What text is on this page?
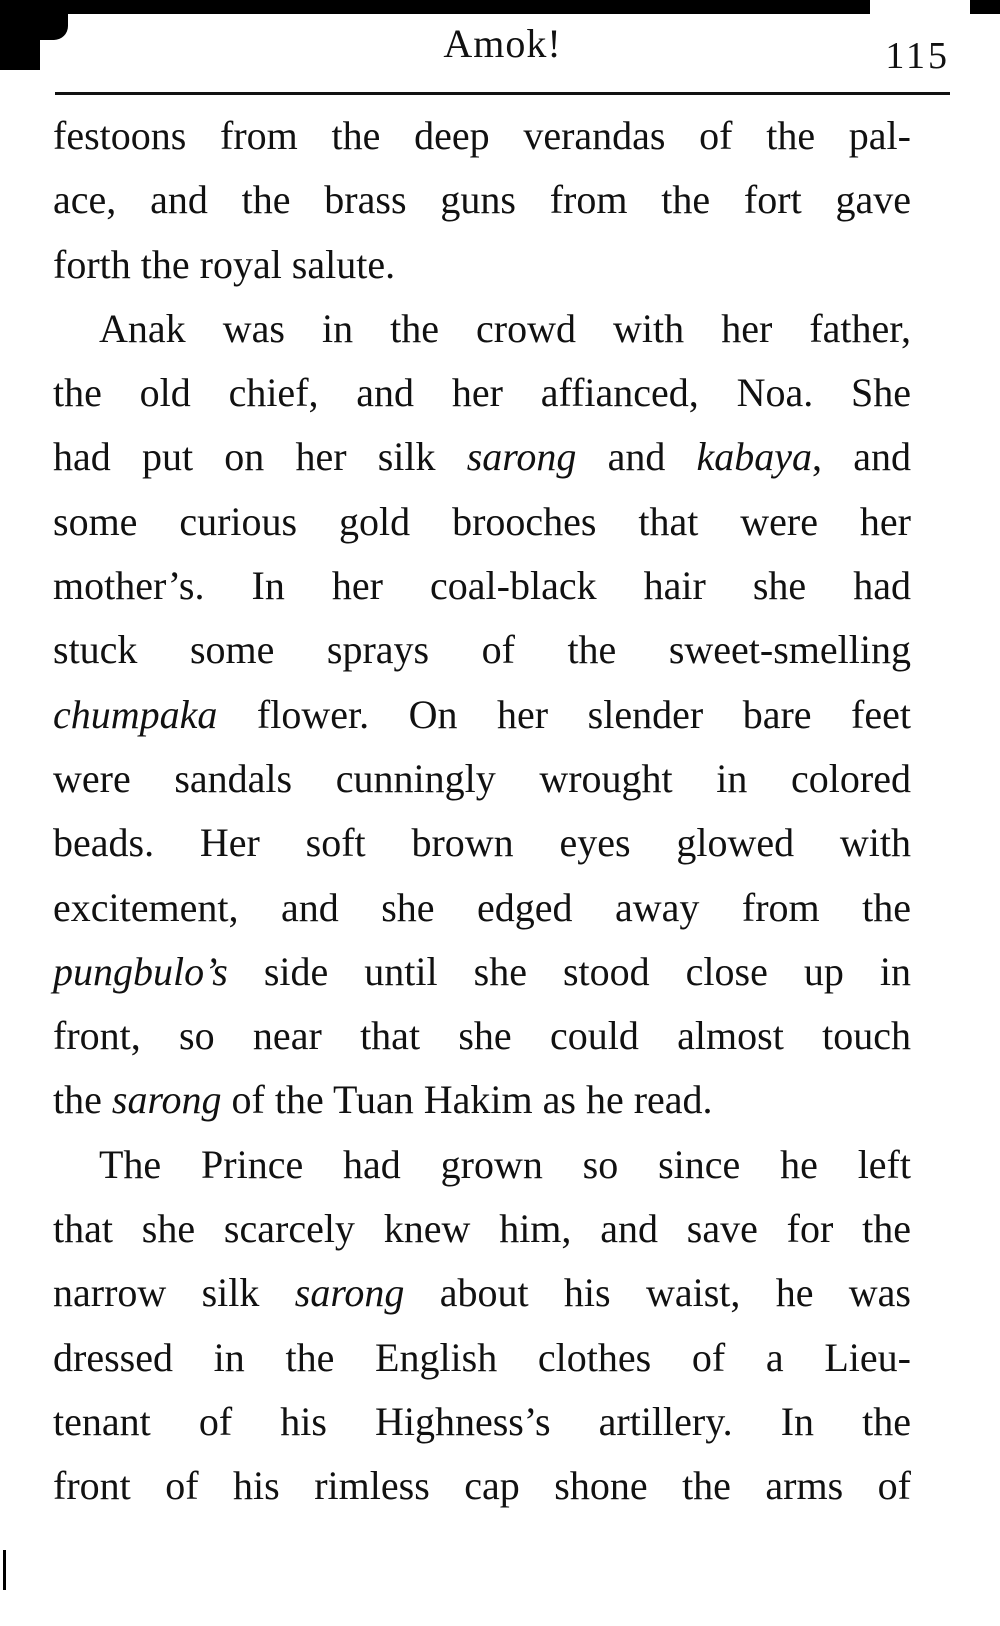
Amok!	115
festoons from the deep verandas of the pal-
ace, and the brass guns from the fort gave
forth the royal salute.
Anak was in the crowd with her father,
the old chief, and her affianced, Noa. She
had put on her silk sarong and kabaya, and
some curious gold brooches that were her
mother’s. In her coal-black hair she had
stuck some sprays of the sweet-smelling
chumpaka flower. On her slender bare feet
were sandals cunningly wrought in colored
beads. Her soft brown eyes glowed with
excitement, and she edged away from the
pungbulo’s side until she stood close up in
front, so near that she could almost touch
the sarong of the Tuan Hakim as he read.
The Prince had grown so since he left
that she scarcely knew him, and save for the
narrow silk sarong about his waist, he was
dressed in the English clothes of a Lieu-
tenant of his Highness’s artillery. In the
front of his rimless cap shone the arms of
